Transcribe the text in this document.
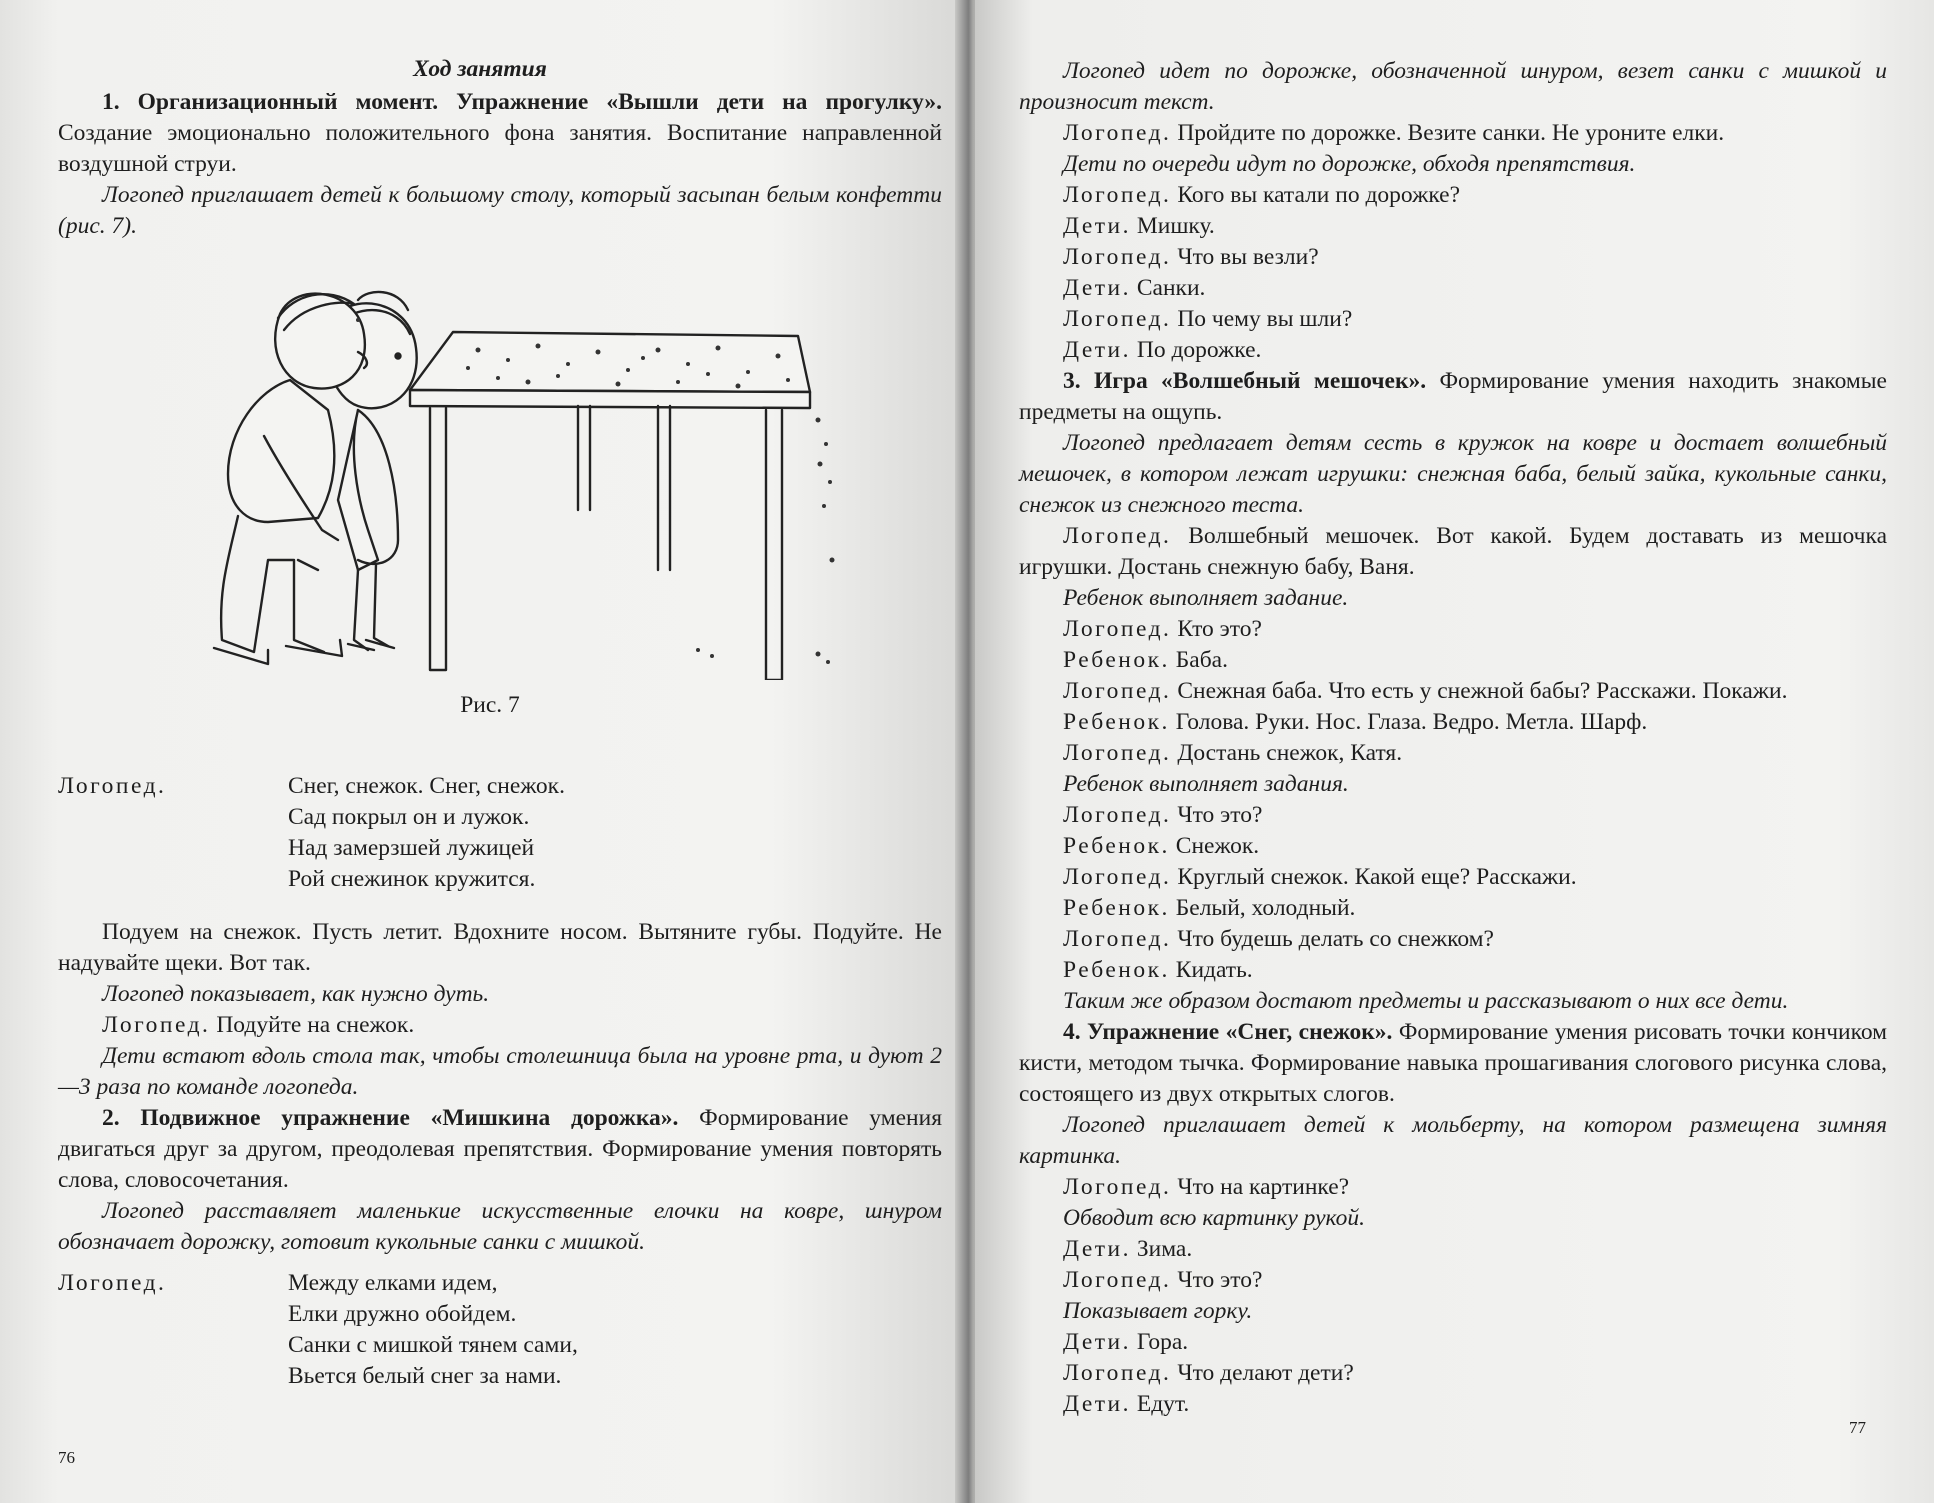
Ход занятия

1. Организационный момент. Упражнение «Вышли дети на прогулку». Создание эмоционально положительного фона занятия. Воспитание направленной воздушной струи.

Логопед приглашает детей к большому столу, который засыпан белым конфетти (рис. 7).

Рис. 7

Логопед.	Снег, снежок. Снег, снежок.

Сад покрыл он и лужок.

Над замерзшей лужицей

Рой снежинок кружится.

Подуем на снежок. Пусть летит. Вдохните носом. Вытяните губы. Подуйте. Не надувайте щеки. Вот так.

Логопед показывает, как нужно дуть.

Логопед. Подуйте на снежок.

Дети встают вдоль стола так, чтобы столешница была на уровне рта, и дуют 2—3 раза по команде логопеда.

2. Подвижное упражнение «Мишкина дорожка». Формирование умения двигаться друг за другом, преодолевая препятствия. Формирование умения повторять слова, словосочетания.

Логопед расставляет маленькие искусственные елочки на ковре, шнуром обозначает дорожку, готовит кукольные санки с мишкой.

Логопед.	Между елками идем,

Елки дружно обойдем.

Санки с мишкой тянем сами,

Вьется белый снег за нами.

76

Логопед идет по дорожке, обозначенной шнуром, везет санки с мишкой и произносит текст.

Логопед. Пройдите по дорожке. Везите санки. Не уроните елки.

Дети по очереди идут по дорожке, обходя препятствия.

Логопед. Кого вы катали по дорожке?

Дети. Мишку.

Логопед. Что вы везли?

Дети. Санки.

Логопед. По чему вы шли?

Дети. По дорожке.

3. Игра «Волшебный мешочек». Формирование умения находить знакомые предметы на ощупь.

Логопед предлагает детям сесть в кружок на ковре и достает волшебный мешочек, в котором лежат игрушки: снежная баба, белый зайка, кукольные санки, снежок из снежного теста.

Логопед. Волшебный мешочек. Вот какой. Будем доставать из мешочка игрушки. Достань снежную бабу, Ваня.

Ребенок выполняет задание.

Логопед. Кто это?

Ребенок. Баба.

Логопед. Снежная баба. Что есть у снежной бабы? Расскажи. Покажи.

Ребенок. Голова. Руки. Нос. Глаза. Ведро. Метла. Шарф.

Логопед. Достань снежок, Катя.

Ребенок выполняет задания.

Логопед. Что это?

Ребенок. Снежок.

Логопед. Круглый снежок. Какой еще? Расскажи.

Ребенок. Белый, холодный.

Логопед. Что будешь делать со снежком?

Ребенок. Кидать.

Таким же образом достают предметы и рассказывают о них все дети.

4. Упражнение «Снег, снежок». Формирование умения рисовать точки кончиком кисти, методом тычка. Формирование навыка прошагивания слогового рисунка слова, состоящего из двух открытых слогов.

Логопед приглашает детей к мольберту, на котором размещена зимняя картинка.

Логопед. Что на картинке?

Обводит всю картинку рукой.

Дети. Зима.

Логопед. Что это?

Показывает горку.

Дети. Гора.

Логопед. Что делают дети?

Дети. Едут.

77
